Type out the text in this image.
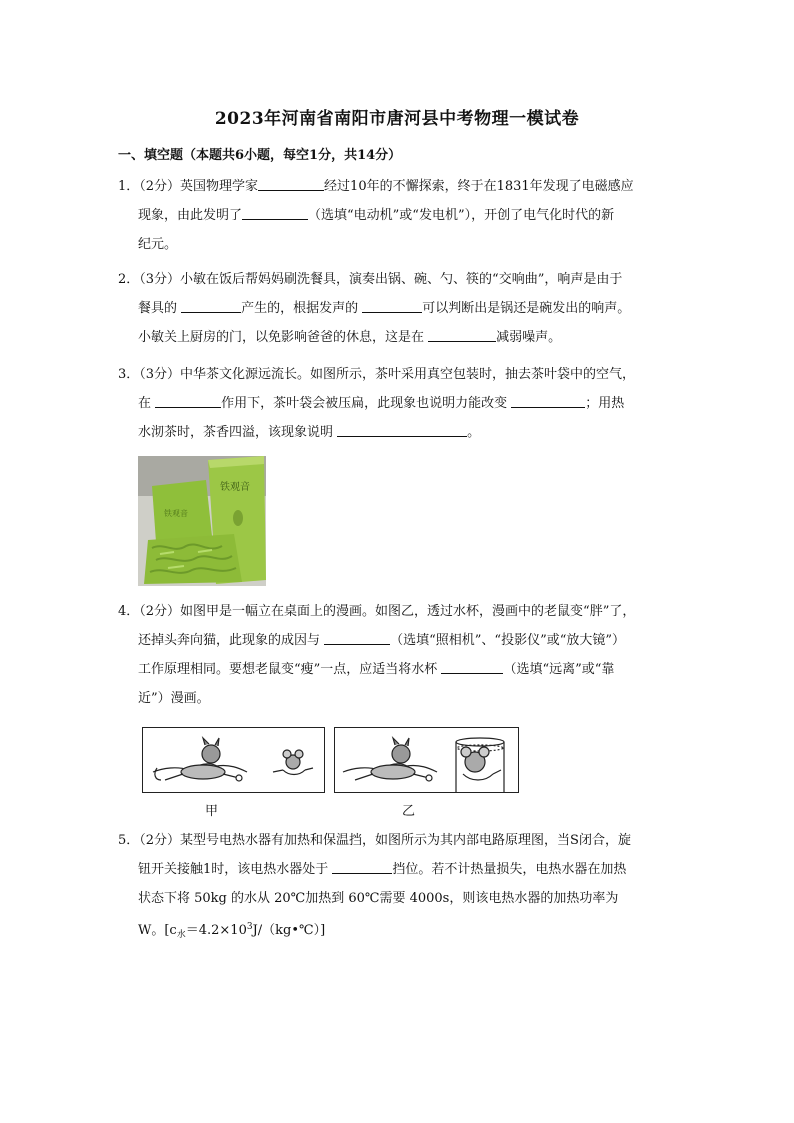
2023年河南省南阳市唐河县中考物理一模试卷
一、填空题（本题共6小题，每空1分，共14分）
1．（2分）英国物理学家	经过10年的不懈探索，终于在1831年发现了电磁感应
现象，由此发明了	（选填“电动机”或“发电机”），开创了电气化时代的新
纪元。
2．（3分）小敏在饭后帮妈妈刷洗餐具，演奏出锅、碗、勺、筷的“交响曲”，响声是由于
餐具的	产生的，根据发声的	可以判断出是锅还是碗发出的响声。
小敏关上厨房的门，以免影响爸爸的休息，这是在	减弱噪声。
3．（3分）中华茶文化源远流长。如图所示，茶叶采用真空包装时，抽去茶叶袋中的空气，
在	作用下，茶叶袋会被压扁，此现象也说明力能改变	；用热
水沏茶时，茶香四溢，该现象说明	。
铁观音
铁观音
4．（2分）如图甲是一幅立在桌面上的漫画。如图乙，透过水杯，漫画中的老鼠变“胖”了，
还掉头奔向猫，此现象的成因与	（选填“照相机”、“投影仪”或“放大镜”）
工作原理相同。要想老鼠变“瘦”一点，应适当将水杯	（选填“远离”或“靠
近”）漫画。
甲	乙
5．（2分）某型号电热水器有加热和保温挡，如图所示为其内部电路原理图，当S闭合，旋
钮开关接触1时，该电热水器处于	挡位。若不计热量损失，电热水器在加热
状态下将 50kg 的水从 20℃加热到 60℃需要 4000s，则该电热水器的加热功率为
W。$[c_水=4.2\times 10^3J/(kg•℃)]$
